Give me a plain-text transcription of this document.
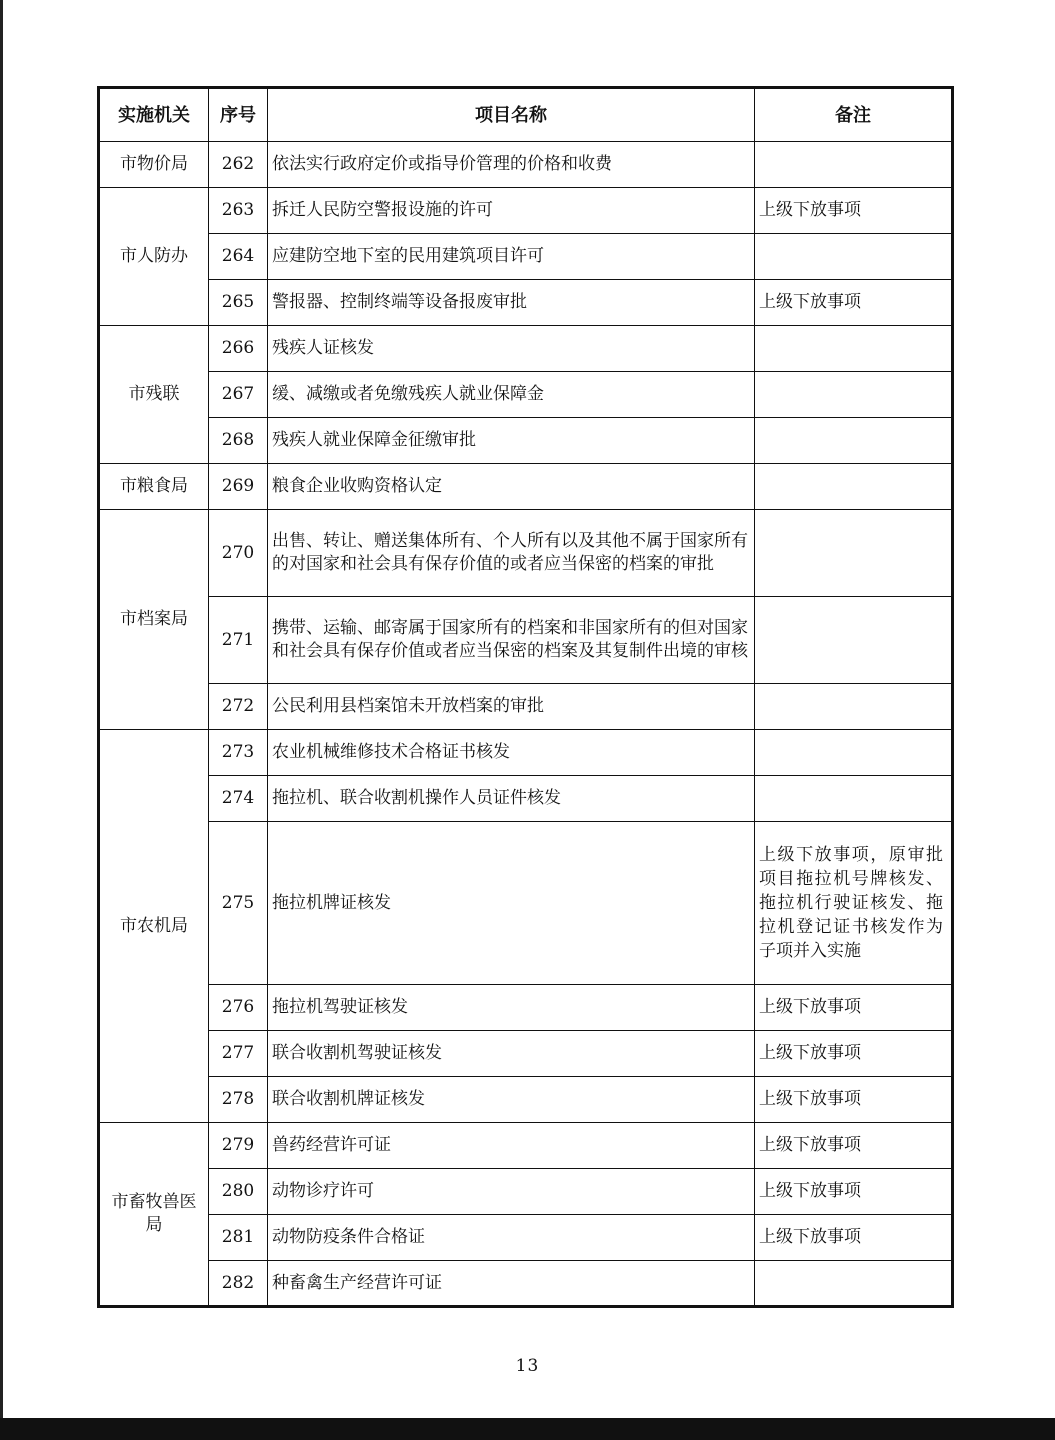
实施机关	序号	项目名称	备注
市物价局	262	依法实行政府定价或指导价管理的价格和收费	
市人防办	263	拆迁人民防空警报设施的许可	上级下放事项
	264	应建防空地下室的民用建筑项目许可	
	265	警报器、控制终端等设备报废审批	上级下放事项
市残联	266	残疾人证核发	
	267	缓、减缴或者免缴残疾人就业保障金	
	268	残疾人就业保障金征缴审批	
市粮食局	269	粮食企业收购资格认定	
市档案局	270	出售、转让、赠送集体所有、个人所有以及其他不属于国家所有的对国家和社会具有保存价值的或者应当保密的档案的审批	
	271	携带、运输、邮寄属于国家所有的档案和非国家所有的但对国家和社会具有保存价值或者应当保密的档案及其复制件出境的审核	
	272	公民利用县档案馆未开放档案的审批	
市农机局	273	农业机械维修技术合格证书核发	
	274	拖拉机、联合收割机操作人员证件核发	
	275	拖拉机牌证核发	上级下放事项，原审批项目拖拉机号牌核发、拖拉机行驶证核发、拖拉机登记证书核发作为子项并入实施
	276	拖拉机驾驶证核发	上级下放事项
	277	联合收割机驾驶证核发	上级下放事项
	278	联合收割机牌证核发	上级下放事项
市畜牧兽医局	279	兽药经营许可证	上级下放事项
	280	动物诊疗许可	上级下放事项
	281	动物防疫条件合格证	上级下放事项
	282	种畜禽生产经营许可证	
13
